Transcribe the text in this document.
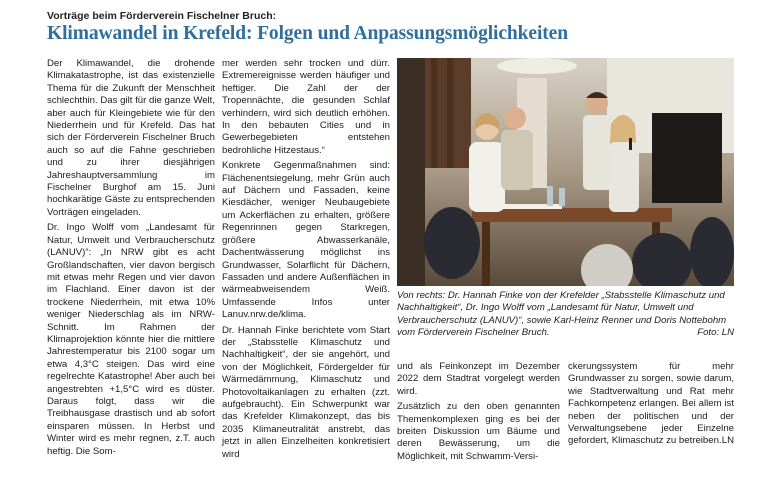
Vorträge beim Förderverein Fischelner Bruch:
Klimawandel in Krefeld: Folgen und Anpassungsmöglichkeiten

Der Klimawandel, die drohende Klimakatastrophe, ist das existenzielle Thema für die Zukunft der Menschheit schlechthin. Das gilt für die ganze Welt, aber auch für Kleingebiete wie für den Niederrhein und für Krefeld. Das hat sich der Förderverein Fischelner Bruch auch so auf die Fahne geschrieben und zu ihrer diesjährigen Jahreshauptversammlung im Fischelner Burghof am 15. Juni hochkarätige Gäste zu entsprechenden Vorträgen eingeladen.

Dr. Ingo Wolff vom „Landesamt für Natur, Umwelt und Verbraucherschutz (LANUV)“: „In NRW gibt es acht Großlandschaften, vier davon bergisch mit etwas mehr Regen und vier davon im Flachland. Einer davon ist der trockene Niederrhein, mit etwa 10% weniger Niederschlag als im NRW-Schnitt. Im Rahmen der Klimaprojektion könnte hier die mittlere Jahrestemperatur bis 2100 sogar um etwa 4,3°C steigen. Das wird eine regelrechte Katastrophe! Aber auch bei angestrebten +1,5°C wird es düster. Daraus folgt, dass wir die Treibhausgase drastisch und ab sofort einsparen müssen. In Herbst und Winter wird es mehr regnen, z.T. auch heftig. Die Som-

mer werden sehr trocken und dürr. Extremereignisse werden häufiger und heftiger. Die Zahl der der Tropennächte, die gesunden Schlaf verhindern, wird sich deutlich erhöhen. In den bebauten Cities und in Gewerbegebieten entstehen bedrohliche Hitzestaus.“

Konkrete Gegenmaßnahmen sind: Flächenentsiegelung, mehr Grün auch auf Dächern und Fassaden, keine Kiesdächer, weniger Neubaugebiete um Ackerflächen zu erhalten, größere Regenrinnen gegen Starkregen, größere Abwasserkanäle, Dachentwässerung möglichst ins Grundwasser, Solarflicht für Dächern, Fassaden und andere Außenflächen in wärmeabweisendem Weiß. Umfassende Infos unter Lanuv.nrw.de/klima.

Dr. Hannah Finke berichtete vom Start der „Stabsstelle Klimaschutz und Nachhaltigkeit“, der sie angehört, und von der Möglichkeit, Fördergelder für Wärmedämmung, Klimaschutz und Photovoltaikanlagen zu erhalten (zzt. aufgebraucht). Ein Schwerpunkt war das Krefelder Klimakonzept, das bis 2035 Klimaneutralität anstrebt, das jetzt in allen Einzelheiten konkretisiert wird

Von rechts: Dr. Hannah Finke von der Krefelder „Stabsstelle Klimaschutz und Nachhaltigkeit“, Dr. Ingo Wolff vom „Landesamt für Natur, Umwelt und Verbraucherschutz (LANUV)“, sowie Karl-Heinz Renner und Doris Nottebohm vom Förderverein Fischelner Bruch.	Foto: LN

und als Feinkonzept im Dezember 2022 dem Stadtrat vorgelegt werden wird.

Zusätzlich zu den oben genannten Themenkomplexen ging es bei der breiten Diskussion um Bäume und deren Bewässerung, um die Möglichkeit, mit Schwamm-Versi-

ckerungssystem für mehr Grundwasser zu sorgen, sowie darum, wie Stadtverwaltung und Rat mehr Fachkompetenz erlangen. Bei allem ist neben der politischen und der Verwaltungsebene jeder Einzelne gefordert, Klimaschutz zu betreiben. LN
